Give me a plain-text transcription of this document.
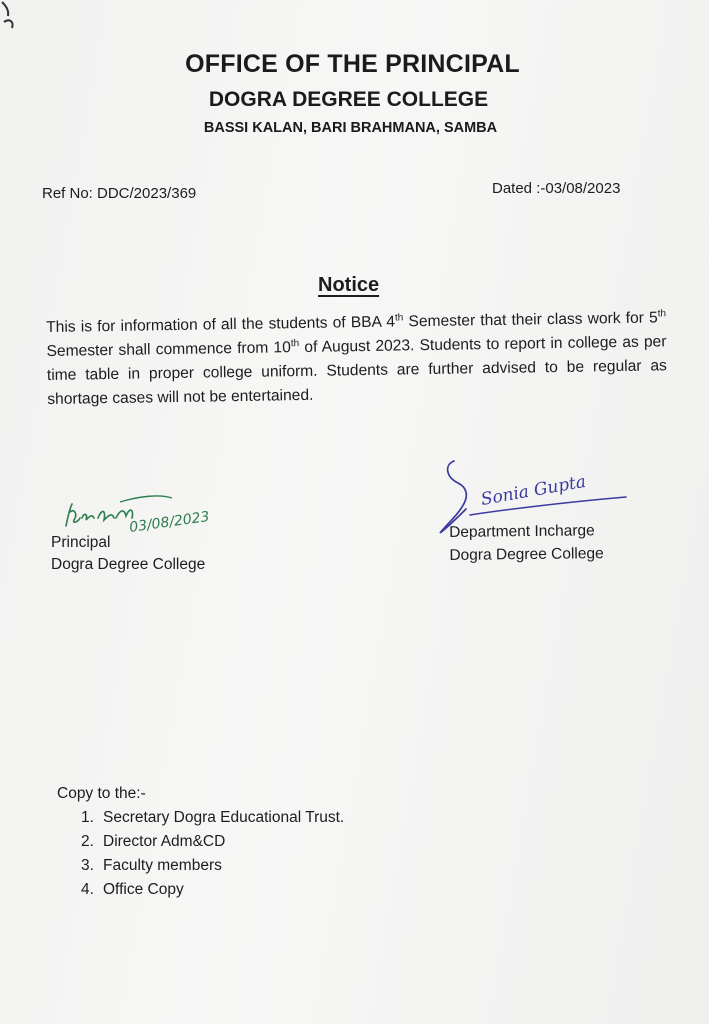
OFFICE OF THE PRINCIPAL
DOGRA DEGREE COLLEGE
BASSI KALAN, BARI BRAHMANA, SAMBA
Ref No: DDC/2023/369	Dated :-03/08/2023
Notice
This is for information of all the students of BBA 4th Semester that their class work for 5th Semester shall commence from 10th of August 2023. Students to report in college as per time table in proper college uniform. Students are further advised to be regular as shortage cases will not be entertained.
03/08/2023
Principal
Dogra Degree College
Sonia Gupta
Department Incharge
Dogra Degree College
Copy to the:-
1. Secretary Dogra Educational Trust.
2. Director Adm&CD
3. Faculty members
4. Office Copy
